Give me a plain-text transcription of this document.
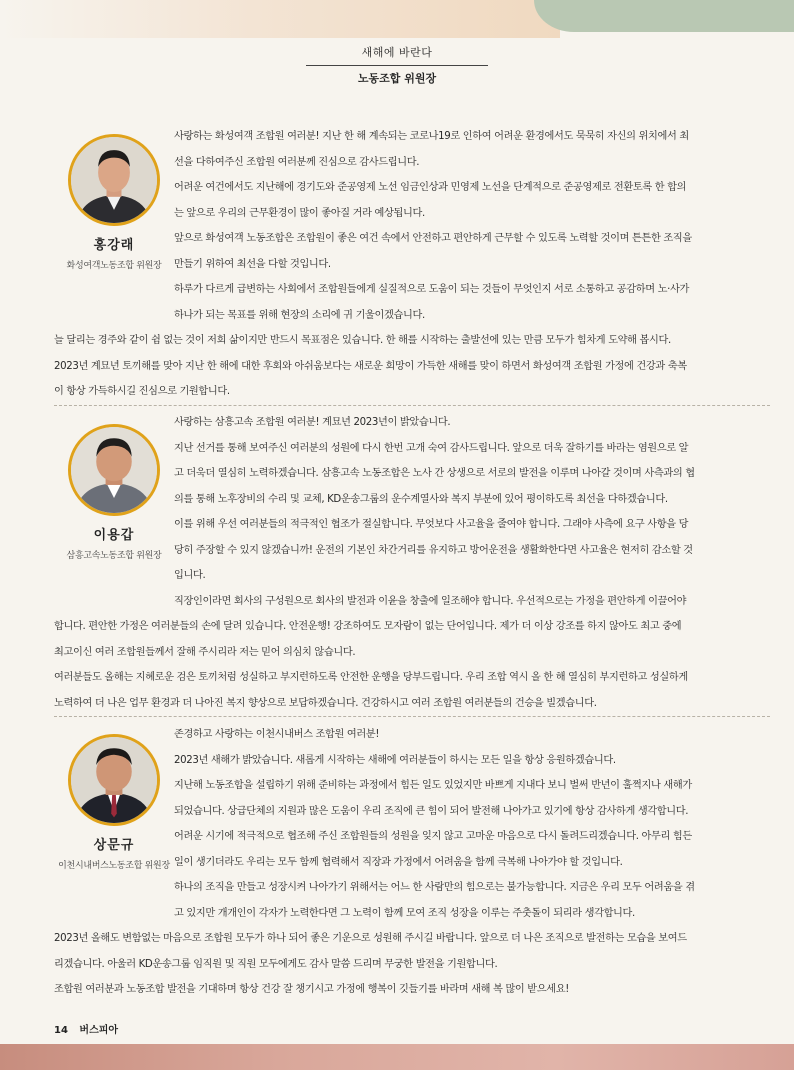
새해에 바란다
노동조합 위원장
홍강래
화성여객노동조합 위원장
사랑하는 화성여객 조합원 여러분! 지난 한 해 계속되는 코로나19로 인하여 어려운 환경에서도 묵묵히 자신의 위치에서 최
선을 다하여주신 조합원 여러분께 진심으로 감사드립니다.
어려운 여건에서도 지난해에 경기도와 준공영제 노선 임금인상과 민영제 노선을 단계적으로 준공영제로 전환토록 한 합의
는 앞으로 우리의 근무환경이 많이 좋아질 거라 예상됩니다.
앞으로 화성여객 노동조합은 조합원이 좋은 여건 속에서 안전하고 편안하게 근무할 수 있도록 노력할 것이며 튼튼한 조직을
만들기 위하여 최선을 다할 것입니다.
하루가 다르게 급변하는 사회에서 조합원들에게 실질적으로 도움이 되는 것들이 무엇인지 서로 소통하고 공감하며 노·사가
하나가 되는 목표를 위해 현장의 소리에 귀 기울이겠습니다.
늘 달리는 경주와 같이 쉼 없는 것이 저희 삶이지만 반드시 목표점은 있습니다. 한 해를 시작하는 출발선에 있는 만큼 모두가 힘차게 도약해 봅시다.
2023년 계묘년 토끼해를 맞아 지난 한 해에 대한 후회와 아쉬움보다는 새로운 희망이 가득한 새해를 맞이 하면서 화성여객 조합원 가정에 건강과 축복
이 항상 가득하시길 진심으로 기원합니다.
이용갑
삼흥고속노동조합 위원장
사랑하는 삼흥고속 조합원 여러분! 계묘년 2023년이 밝았습니다.
지난 선거를 통해 보여주신 여러분의 성원에 다시 한번 고개 숙여 감사드립니다. 앞으로 더욱 잘하기를 바라는 염원으로 알
고 더욱더 열심히 노력하겠습니다. 삼흥고속 노동조합은 노사 간 상생으로 서로의 발전을 이루며 나아갈 것이며 사측과의 협
의를 통해 노후장비의 수리 및 교체, KD운송그룹의 운수계열사와 복지 부분에 있어 평이하도록 최선을 다하겠습니다.
이를 위해 우선 여러분들의 적극적인 협조가 절실합니다. 무엇보다 사고율을 줄여야 합니다. 그래야 사측에 요구 사항을 당
당히 주장할 수 있지 않겠습니까! 운전의 기본인 차간거리를 유지하고 방어운전을 생활화한다면 사고율은 현저히 감소할 것
입니다.
직장인이라면 회사의 구성원으로 회사의 발전과 이윤을 창출에 일조해야 합니다. 우선적으로는 가정을 편안하게 이끌어야
합니다. 편안한 가정은 여러분들의 손에 달려 있습니다. 안전운행! 강조하여도 모자람이 없는 단어입니다. 제가 더 이상 강조를 하지 않아도 최고 중에
최고이신 여러 조합원들께서 잘해 주시리라 저는 믿어 의심치 않습니다.
여러분들도 올해는 지혜로운 검은 토끼처럼 성실하고 부지런하도록 안전한 운행을 당부드립니다. 우리 조합 역시 올 한 해 열심히 부지런하고 성실하게
노력하여 더 나은 업무 환경과 더 나아진 복지 향상으로 보답하겠습니다. 건강하시고 여러 조합원 여러분들의 건승을 빌겠습니다.
상문규
이천시내버스노동조합 위원장
존경하고 사랑하는 이천시내버스 조합원 여러분!
2023년 새해가 밝았습니다. 새롭게 시작하는 새해에 여러분들이 하시는 모든 일을 항상 응원하겠습니다.
지난해 노동조합을 설립하기 위해 준비하는 과정에서 힘든 일도 있었지만 바쁘게 지내다 보니 벌써 반년이 훌쩍지나 새해가
되었습니다. 상급단체의 지원과 많은 도움이 우리 조직에 큰 힘이 되어 발전해 나아가고 있기에 항상 감사하게 생각합니다.
어려운 시기에 적극적으로 협조해 주신 조합원들의 성원을 잊지 않고 고마운 마음으로 다시 돌려드리겠습니다. 아무리 힘든
일이 생기더라도 우리는 모두 함께 협력해서 직장과 가정에서 어려움을 함께 극복해 나아가야 할 것입니다.
하나의 조직을 만들고 성장시켜 나아가기 위해서는 어느 한 사람만의 힘으로는 불가능합니다. 지금은 우리 모두 어려움을 겪
고 있지만 개개인이 각자가 노력한다면 그 노력이 함께 모여 조직 성장을 이루는 주춧돌이 되리라 생각합니다.
2023년 올해도 변함없는 마음으로 조합원 모두가 하나 되어 좋은 기운으로 성원해 주시길 바랍니다. 앞으로 더 나은 조직으로 발전하는 모습을 보여드
리겠습니다. 아울러 KD운송그룹 임직원 및 직원 모두에게도 감사 말씀 드리며 무궁한 발전을 기원합니다.
조합원 여러분과 노동조합 발전을 기대하며 항상 건강 잘 챙기시고 가정에 행복이 깃들기를 바라며 새해 복 많이 받으세요!
14 버스피아
